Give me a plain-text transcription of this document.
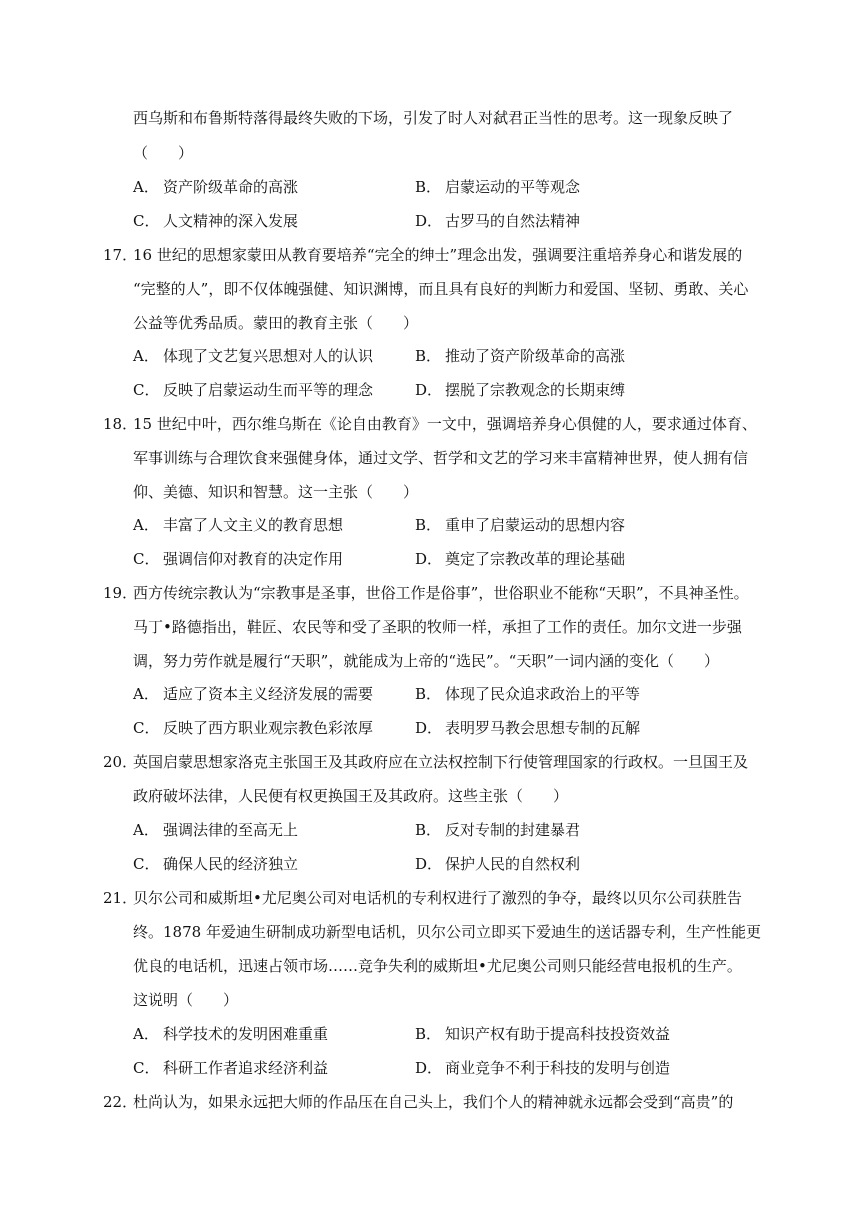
西乌斯和布鲁斯特落得最终失败的下场，引发了时人对弑君正当性的思考。这一现象反映了
（　　）
A． 资产阶级革命的高涨	B． 启蒙运动的平等观念
C． 人文精神的深入发展	D． 古罗马的自然法精神
17．
16 世纪的思想家蒙田从教育要培养“完全的绅士”理念出发，强调要注重培养身心和谐发展的
“完整的人”，即不仅体魄强健、知识渊博，而且具有良好的判断力和爱国、坚韧、勇敢、关心
公益等优秀品质。蒙田的教育主张（　　）
A． 体现了文艺复兴思想对人的认识	B． 推动了资产阶级革命的高涨
C． 反映了启蒙运动生而平等的理念	D． 摆脱了宗教观念的长期束缚
18．
15 世纪中叶，西尔维乌斯在《论自由教育》一文中，强调培养身心俱健的人，要求通过体育、
军事训练与合理饮食来强健身体，通过文学、哲学和文艺的学习来丰富精神世界，使人拥有信
仰、美德、知识和智慧。这一主张（　　）
A． 丰富了人文主义的教育思想	B． 重申了启蒙运动的思想内容
C． 强调信仰对教育的决定作用	D． 奠定了宗教改革的理论基础
19．
西方传统宗教认为“宗教事是圣事，世俗工作是俗事”，世俗职业不能称“天职”，不具神圣性。
马丁•路德指出，鞋匠、农民等和受了圣职的牧师一样，承担了工作的责任。加尔文进一步强
调，努力劳作就是履行“天职”，就能成为上帝的“选民”。“天职”一词内涵的变化（　　）
A． 适应了资本主义经济发展的需要	B． 体现了民众追求政治上的平等
C． 反映了西方职业观宗教色彩浓厚	D． 表明罗马教会思想专制的瓦解
20．
英国启蒙思想家洛克主张国王及其政府应在立法权控制下行使管理国家的行政权。一旦国王及
政府破坏法律，人民便有权更换国王及其政府。这些主张（　　）
A． 强调法律的至高无上	B． 反对专制的封建暴君
C． 确保人民的经济独立	D． 保护人民的自然权利
21．
贝尔公司和威斯坦•尤尼奥公司对电话机的专利权进行了激烈的争夺，最终以贝尔公司获胜告
终。1878 年爱迪生研制成功新型电话机，贝尔公司立即买下爱迪生的送话器专利，生产性能更
优良的电话机，迅速占领市场……竞争失利的威斯坦•尤尼奥公司则只能经营电报机的生产。
这说明（　　）
A． 科学技术的发明困难重重	B． 知识产权有助于提高科技投资效益
C． 科研工作者追求经济利益	D． 商业竞争不利于科技的发明与创造
22．
杜尚认为，如果永远把大师的作品压在自己头上，我们个人的精神就永远都会受到“高贵”的
